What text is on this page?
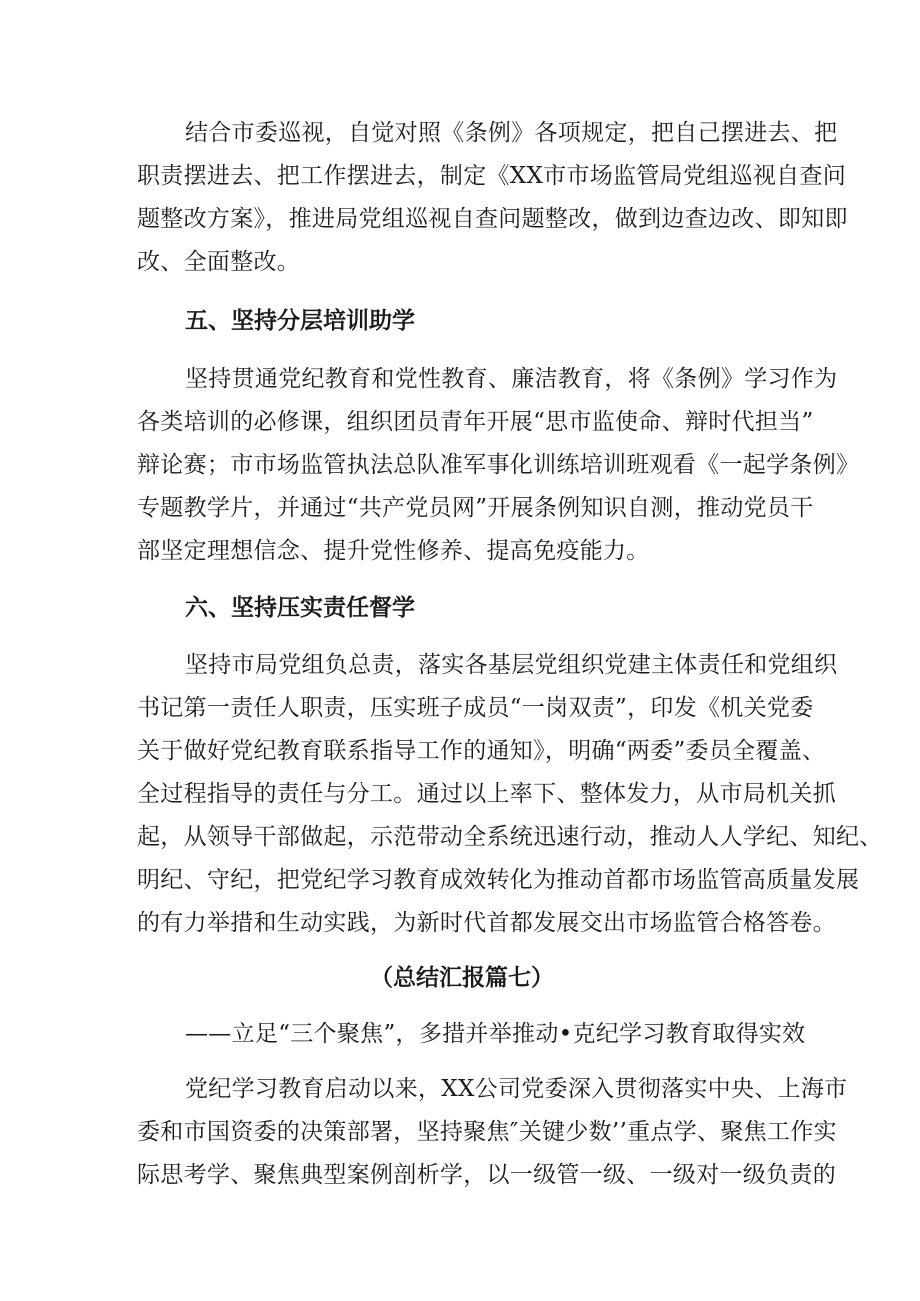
结合市委巡视，自觉对照《条例》各项规定，把自己摆进去、把
职责摆进去、把工作摆进去，制定《XX市市场监管局党组巡视自查问
题整改方案》，推进局党组巡视自查问题整改，做到边查边改、即知即
改、全面整改。
五、坚持分层培训助学
坚持贯通党纪教育和党性教育、廉洁教育，将《条例》学习作为
各类培训的必修课，组织团员青年开展“思市监使命、辩时代担当”
辩论赛；市市场监管执法总队准军事化训练培训班观看《一起学条例》
专题教学片，并通过“共产党员网”开展条例知识自测，推动党员干
部坚定理想信念、提升党性修养、提高免疫能力。
六、坚持压实责任督学
坚持市局党组负总责，落实各基层党组织党建主体责任和党组织
书记第一责任人职责，压实班子成员“一岗双责”，印发《机关党委
关于做好党纪教育联系指导工作的通知》，明确“两委”委员全覆盖、
全过程指导的责任与分工。通过以上率下、整体发力，从市局机关抓
起，从领导干部做起，示范带动全系统迅速行动，推动人人学纪、知纪、
明纪、守纪，把党纪学习教育成效转化为推动首都市场监管高质量发展
的有力举措和生动实践，为新时代首都发展交出市场监管合格答卷。
（总结汇报篇七）
——立足“三个聚焦”，多措并举推动•克纪学习教育取得实效
党纪学习教育启动以来，XX公司党委深入贯彻落实中央、上海市
委和市国资委的决策部署，坚持聚焦″关键少数’’重点学、聚焦工作实
际思考学、聚焦典型案例剖析学，以一级管一级、一级对一级负责的
